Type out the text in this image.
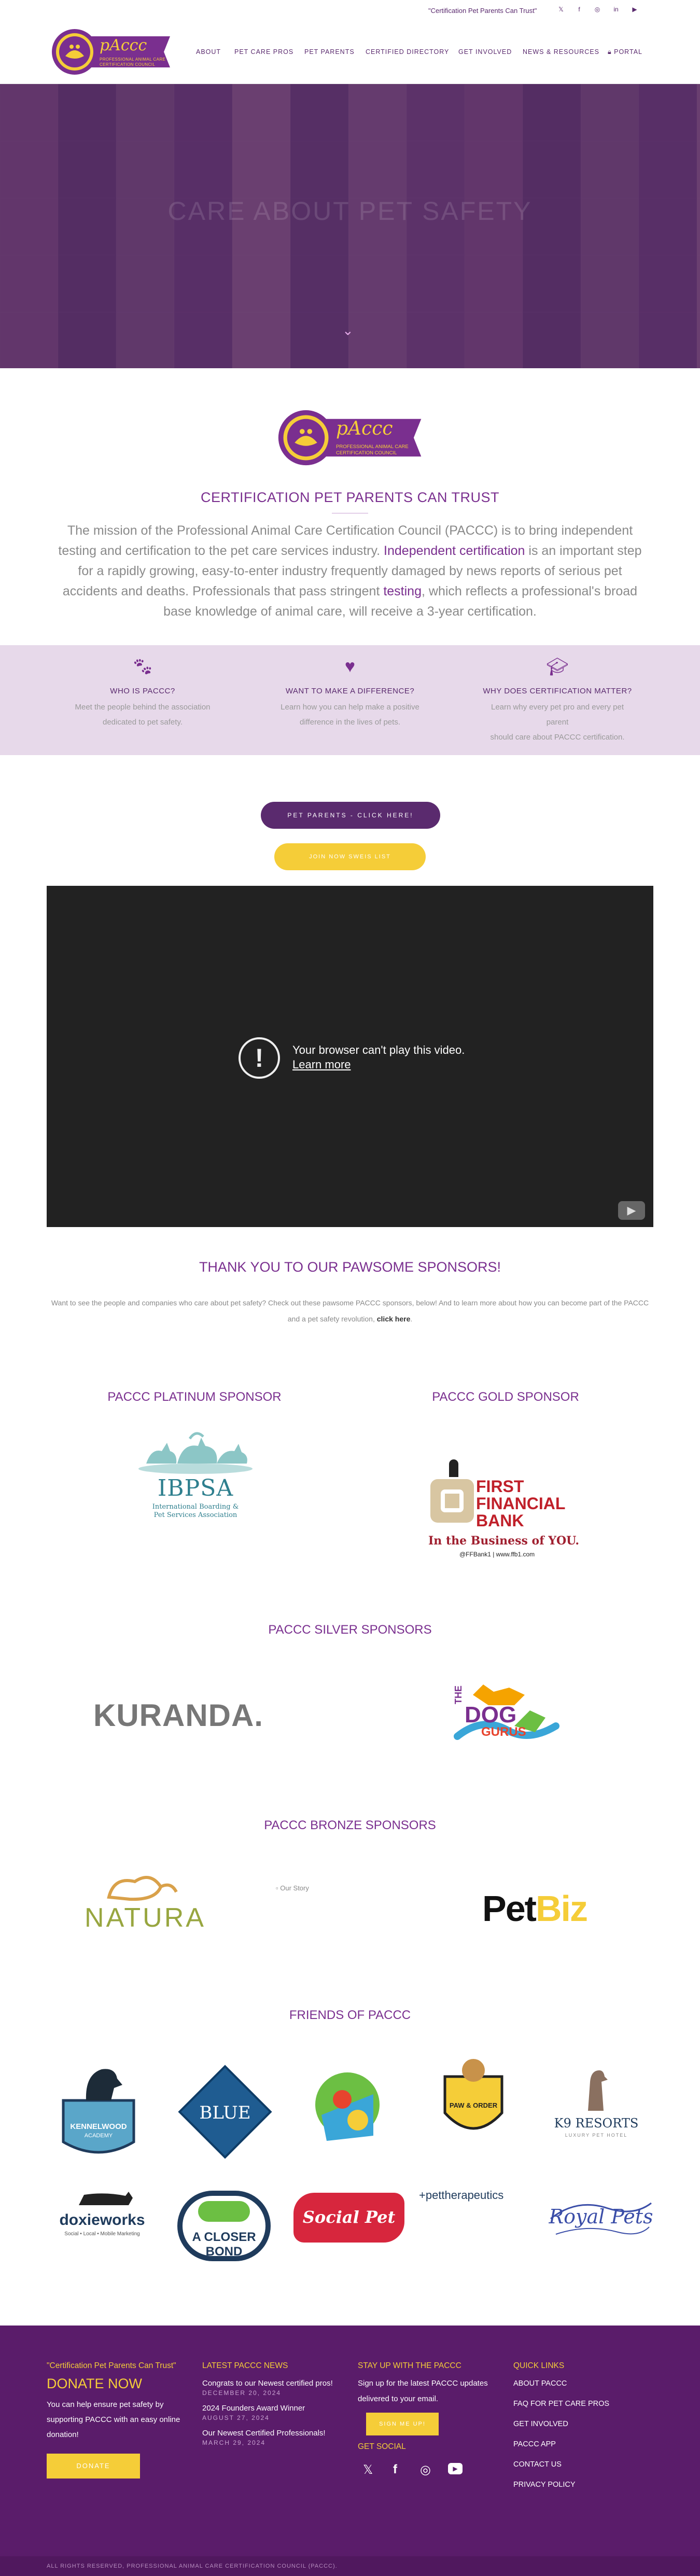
"Certification Pet Parents Can Trust"	𝕏	f	◎	in	▶
pAccc
PROFESSIONAL ANIMAL CARE
CERTIFICATION COUNCIL
ABOUT PET CARE PROS PET PARENTS CERTIFIED DIRECTORY GET INVOLVED NEWS & RESOURCES 🔒︎ PORTAL
CARE ABOUT PET SAFETY
⌄
pAccc
PROFESSIONAL ANIMAL CARE
CERTIFICATION COUNCIL
CERTIFICATION PET PARENTS CAN TRUST
The mission of the Professional Animal Care Certification Council (PACCC) is to bring independent testing and certification to the pet care services industry. Independent certification is an important step for a rapidly growing, easy-to-enter industry frequently damaged by news reports of serious pet accidents and deaths. Professionals that pass stringent testing, which reflects a professional's broad base knowledge of animal care, will receive a 3-year certification.
🐾︎
WHO IS PACCC?
Meet the people behind the association
dedicated to pet safety.
♥
WANT TO MAKE A DIFFERENCE?
Learn how you can help make a positive
difference in the lives of pets.
🎓︎
WHY DOES CERTIFICATION MATTER?
Learn why every pet pro and every pet parent
should care about PACCC certification.
PET PARENTS - CLICK HERE!
JOIN NOW SWEIS LIST
!	Your browser can't play this video.
Learn more
▶
THANK YOU TO OUR PAWSOME SPONSORS!
Want to see the people and companies who care about pet safety? Check out these pawsome PACCC sponsors, below! And to learn more about how you can become part of the PACCC and a pet safety revolution, click here.
PACCC PLATINUM SPONSOR	PACCC GOLD SPONSOR
IBPSA
International Boarding &
Pet Services Association
FIRST
FINANCIAL
BANK
In the Business of YOU.
@FFBank1 | www.ffb1.com
PACCC SILVER SPONSORS
KURANDA.
THE
DOG
GURUS
PACCC BRONZE SPONSORS
NATURA
▫ Our Story
PetBiz
FRIENDS OF PACCC
KENNELWOOD
ACADEMY
BLUE	PAW & ORDER
K9 RESORTS
LUXURY PET HOTEL
doxieworks
Social • Local • Mobile Marketing	A CLOSER BOND
Social Pet
+pettherapeutics
Royal Pets
"Certification Pet Parents Can Trust"
DONATE NOW
You can help ensure pet safety by
supporting PACCC with an easy online
donation!
DONATE
LATEST PACCC NEWS
Congrats to our Newest certified pros!
DECEMBER 20, 2024
2024 Founders Award Winner
AUGUST 27, 2024
Our Newest Certified Professionals!
MARCH 29, 2024
STAY UP WITH THE PACCC
Sign up for the latest PACCC updates
delivered to your email.
SIGN ME UP!
GET SOCIAL
𝕏 f ◎	▶
QUICK LINKS
ABOUT PACCC
FAQ FOR PET CARE PROS
GET INVOLVED
PACCC APP
CONTACT US
PRIVACY POLICY
ALL RIGHTS RESERVED, PROFESSIONAL ANIMAL CARE CERTIFICATION COUNCIL (PACCC).
